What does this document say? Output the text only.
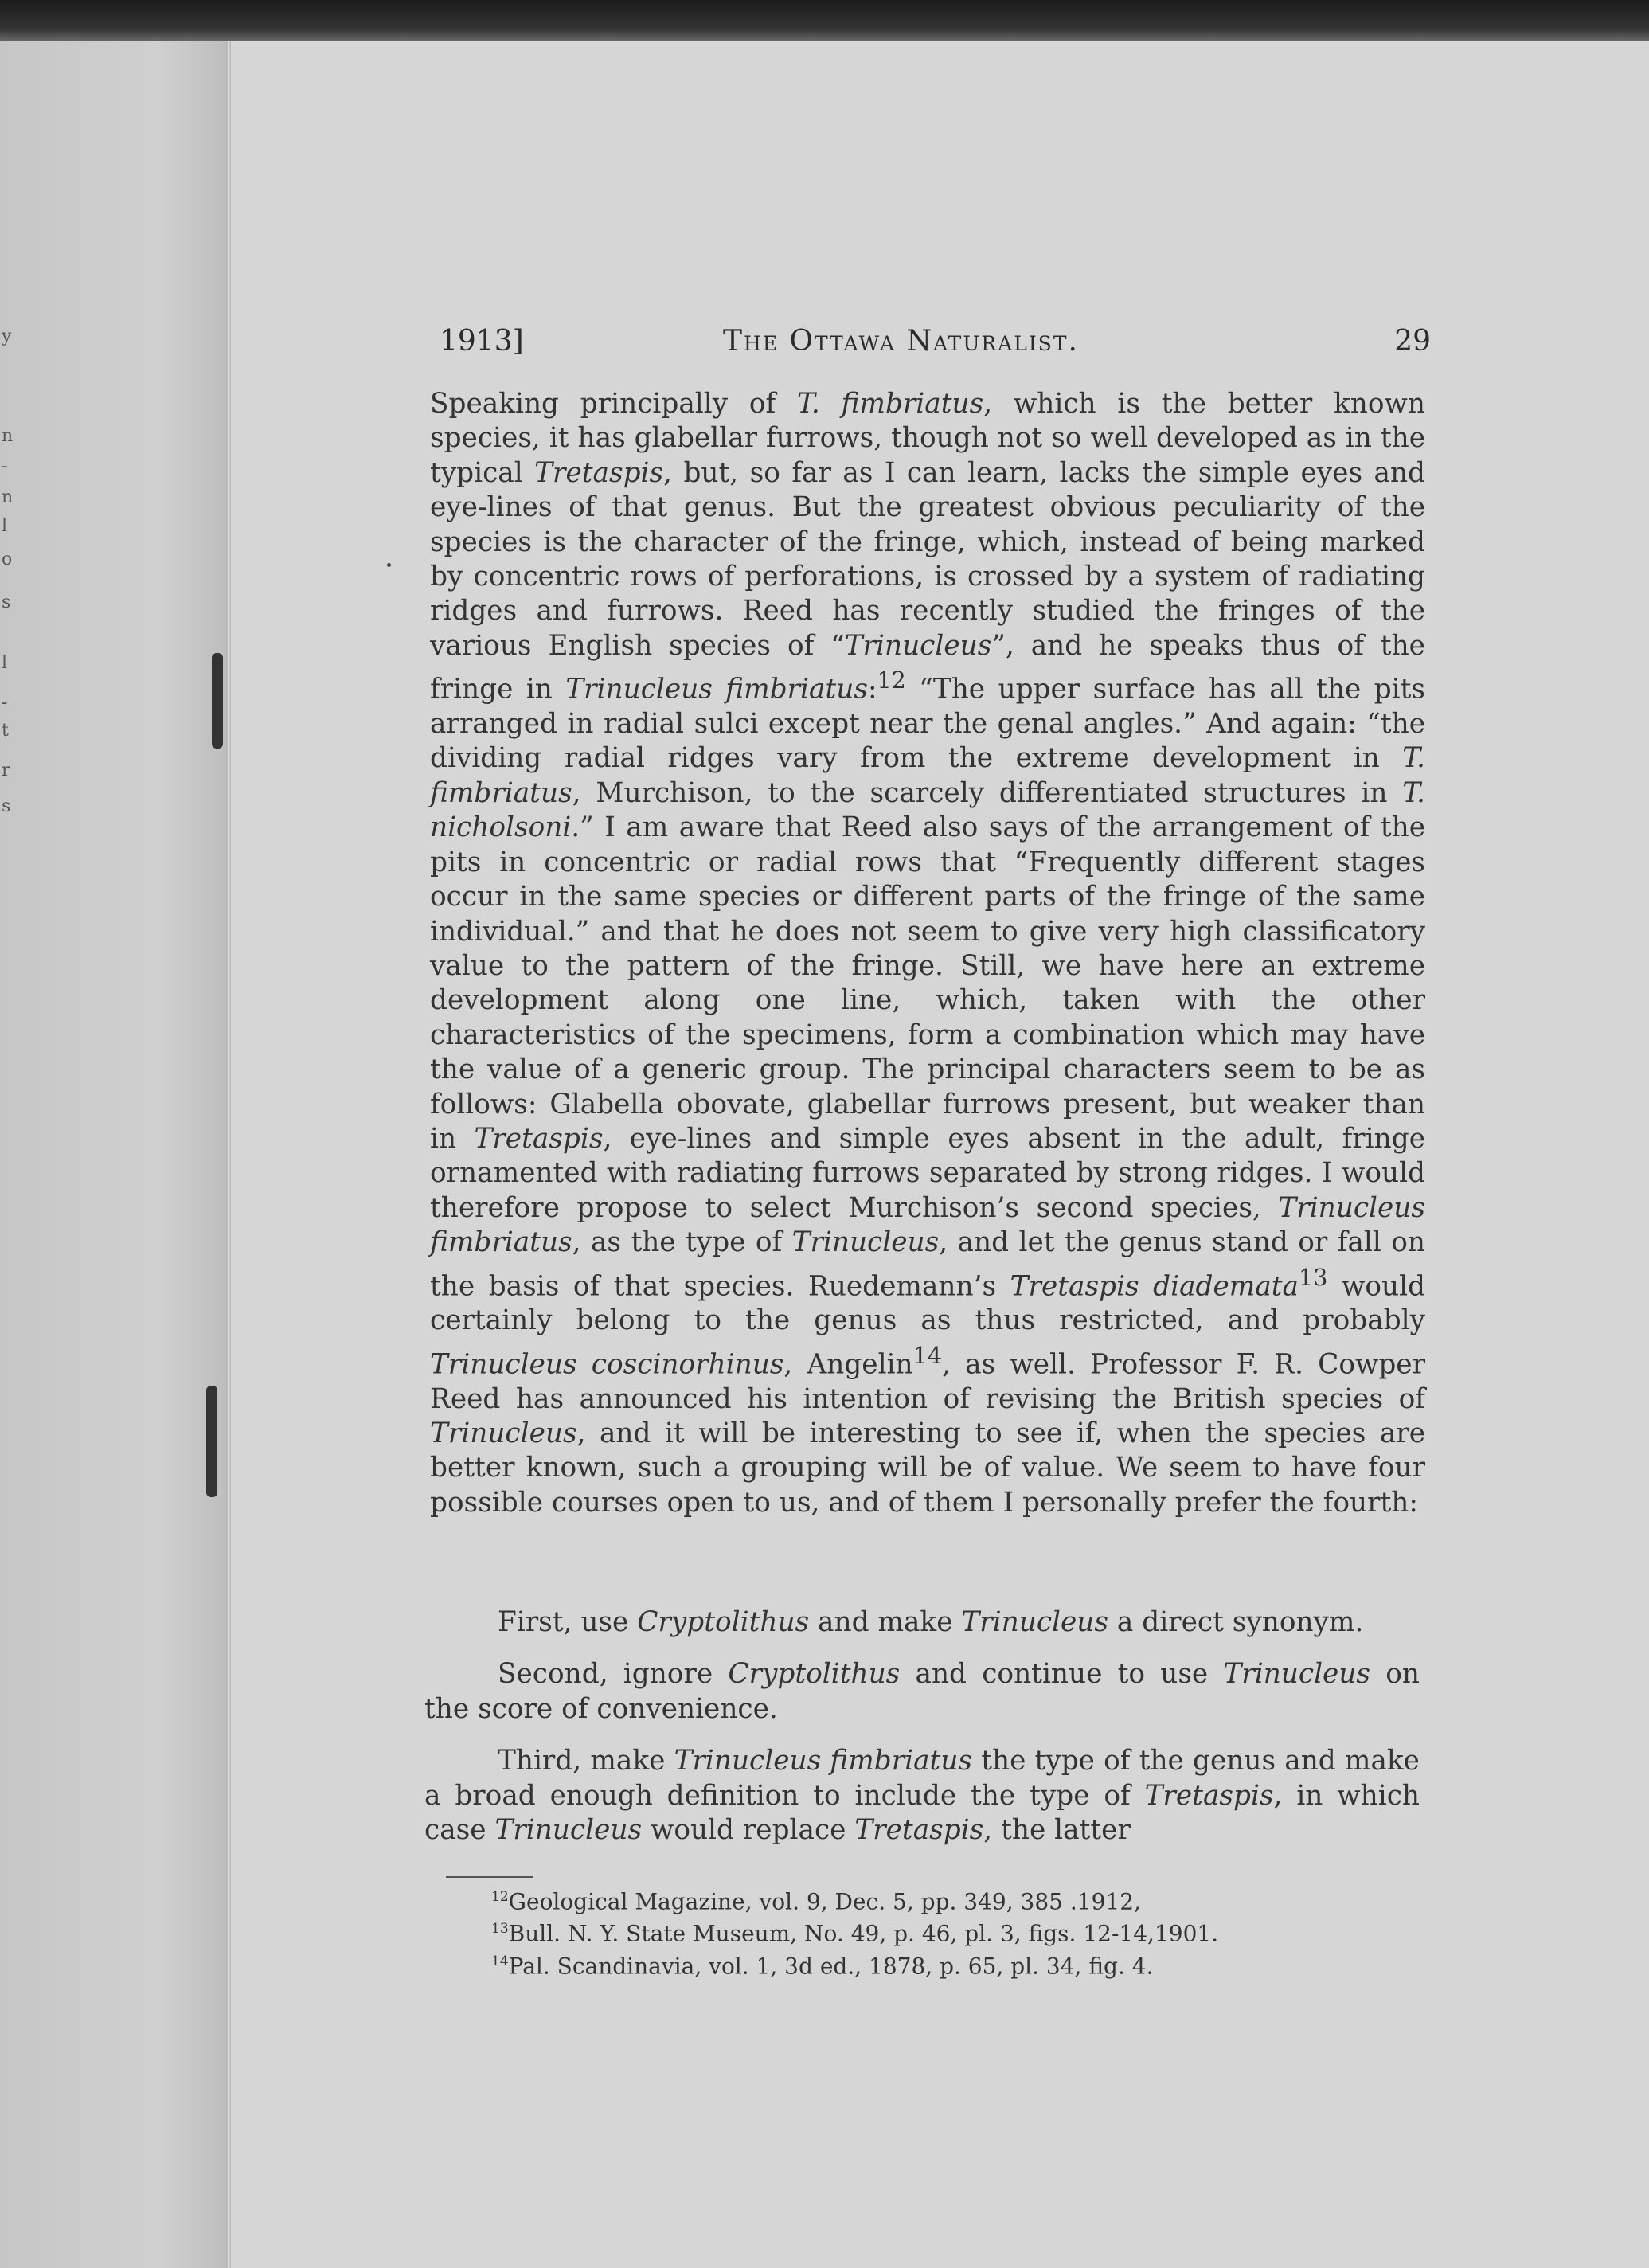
y
n
-
n
l
o
s
l
-
t
r
s
1913]	The Ottawa Naturalist.	29

Speaking principally of T. fimbriatus, which is the better known species, it has glabellar furrows, though not so well developed as in the typical Tretaspis, but, so far as I can learn, lacks the simple eyes and eye-lines of that genus. But the greatest obvious peculiarity of the species is the character of the fringe, which, instead of being marked by concentric rows of perforations, is crossed by a system of radiating ridges and furrows. Reed has recently studied the fringes of the various English species of “Trinucleus”, and he speaks thus of the fringe in Trinucleus fimbriatus:$^{12}$ “The upper surface has all the pits arranged in radial sulci except near the genal angles.” And again: “the dividing radial ridges vary from the extreme development in T. fimbriatus, Murchison, to the scarcely differentiated structures in T. nicholsoni.” I am aware that Reed also says of the arrangement of the pits in concentric or radial rows that “Frequently different stages occur in the same species or different parts of the fringe of the same individual.” and that he does not seem to give very high classificatory value to the pattern of the fringe. Still, we have here an extreme development along one line, which, taken with the other characteristics of the specimens, form a combination which may have the value of a generic group. The principal characters seem to be as follows: Glabella obovate, glabellar furrows present, but weaker than in Tretaspis, eye-lines and simple eyes absent in the adult, fringe ornamented with radiating furrows separated by strong ridges. I would therefore propose to select Murchison’s second species, Trinucleus fimbriatus, as the type of Trinucleus, and let the genus stand or fall on the basis of that species. Ruedemann’s Tretaspis diademata$^{13}$ would certainly belong to the genus as thus restricted, and probably Trinucleus coscinorhinus, Angelin$^{14}$, as well. Professor F. R. Cowper Reed has announced his intention of revising the British species of Trinucleus, and it will be interesting to see if, when the species are better known, such a grouping will be of value. We seem to have four possible courses open to us, and of them I personally prefer the fourth:

First, use Cryptolithus and make Trinucleus a direct synonym.

Second, ignore Cryptolithus and continue to use Trinucleus on the score of convenience.

Third, make Trinucleus fimbriatus the type of the genus and make a broad enough definition to include the type of Tretaspis, in which case Trinucleus would replace Tretaspis, the latter

$^{12}$Geological Magazine, vol. 9, Dec. 5, pp. 349, 385 .1912,
$^{13}$Bull. N. Y. State Museum, No. 49, p. 46, pl. 3, figs. 12-14,1901.
$^{14}$Pal. Scandinavia, vol. 1, 3d ed., 1878, p. 65, pl. 34, fig. 4.
